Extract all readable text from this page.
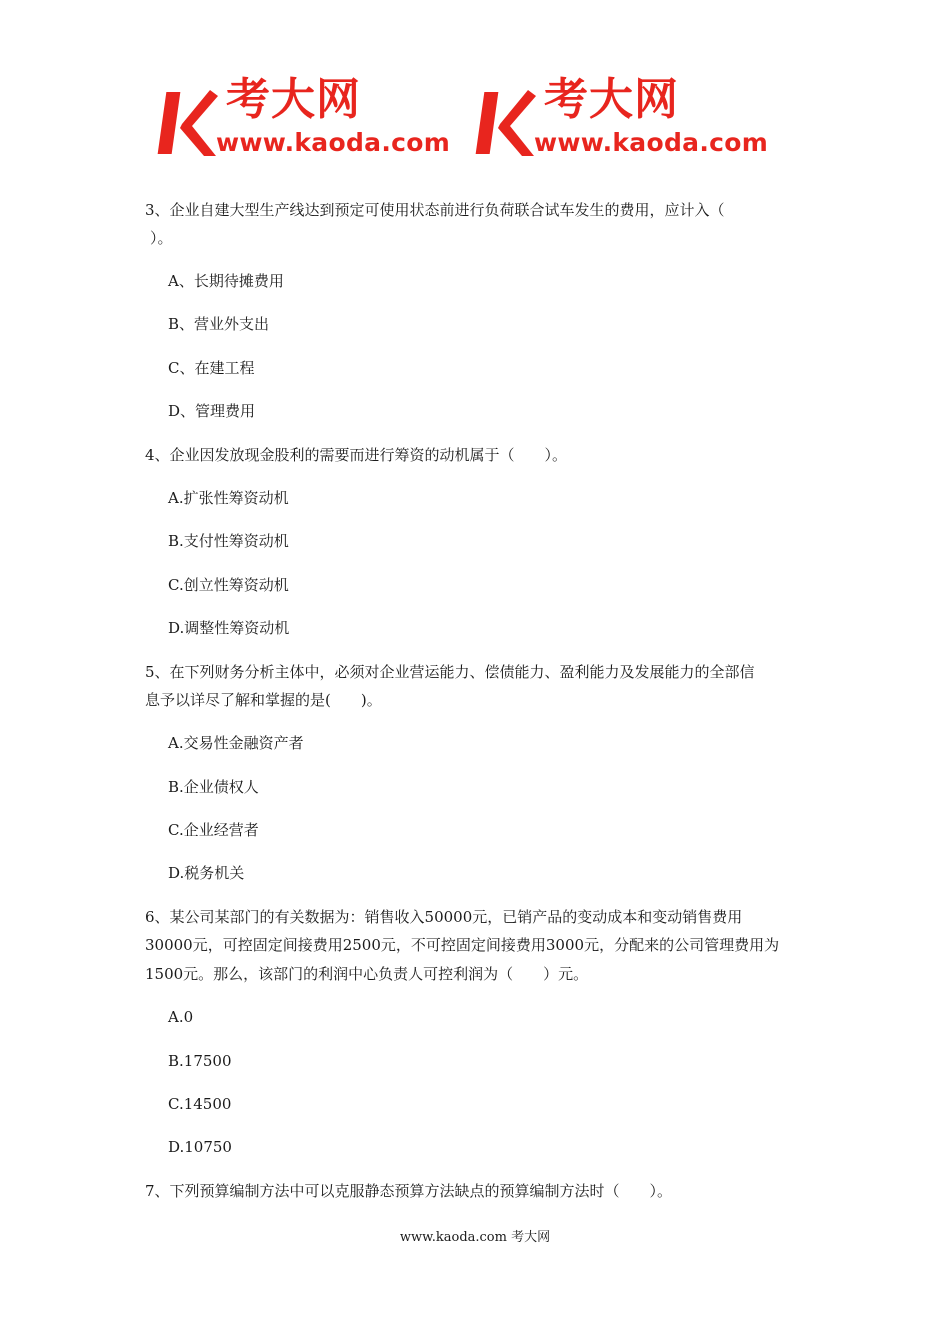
考大网
www.kaoda.com
考大网
www.kaoda.com
3、企业自建大型生产线达到预定可使用状态前进行负荷联合试车发生的费用，应计入（
）。
A、长期待摊费用
B、营业外支出
C、在建工程
D、管理费用
4、企业因发放现金股利的需要而进行筹资的动机属于（　　）。
A.扩张性筹资动机
B.支付性筹资动机
C.创立性筹资动机
D.调整性筹资动机
5、在下列财务分析主体中，必须对企业营运能力、偿债能力、盈利能力及发展能力的全部信
息予以详尽了解和掌握的是(　　)。
A.交易性金融资产者
B.企业债权人
C.企业经营者
D.税务机关
6、某公司某部门的有关数据为：销售收入50000元，已销产品的变动成本和变动销售费用
30000元，可控固定间接费用2500元，不可控固定间接费用3000元，分配来的公司管理费用为
1500元。那么，该部门的利润中心负责人可控利润为（　　）元。
A.0
B.17500
C.14500
D.10750
7、下列预算编制方法中可以克服静态预算方法缺点的预算编制方法时（　　）。
www.kaoda.com 考大网
